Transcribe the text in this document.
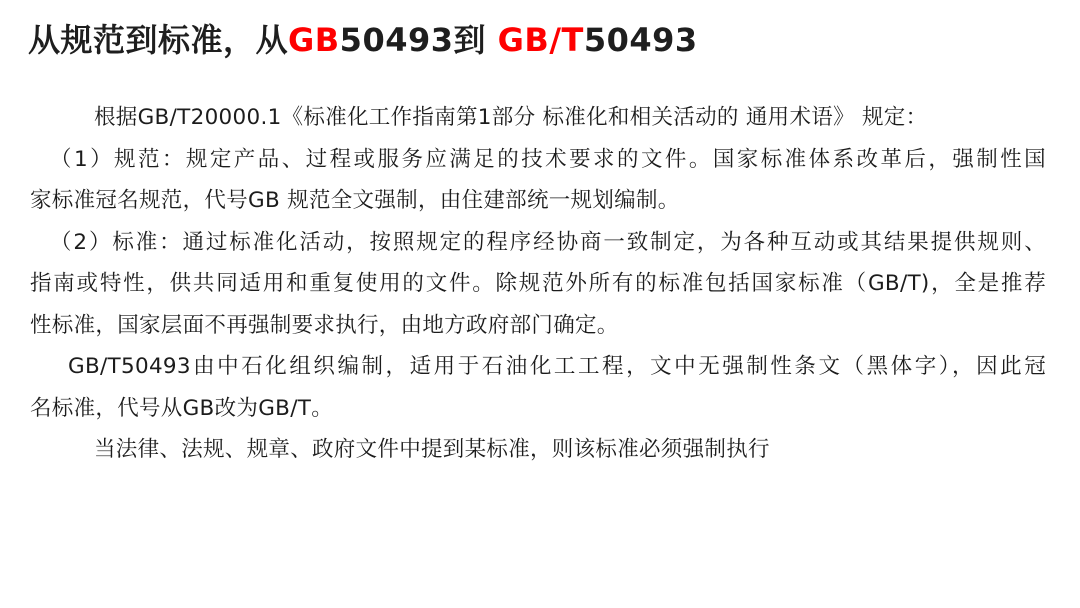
从规范到标准，从GB50493到 GB/T50493
根据GB/T20000.1《标准化工作指南第1部分 标准化和相关活动的 通用术语》 规定：
（1）规范：规定产品、过程或服务应满足的技术要求的文件。国家标准体系改革后，强制性国
家标准冠名规范，代号GB 规范全文强制，由住建部统一规划编制。
（2）标准：通过标准化活动，按照规定的程序经协商一致制定，为各种互动或其结果提供规则、
指南或特性，供共同适用和重复使用的文件。除规范外所有的标准包括国家标准（GB/T)，全是推荐
性标准，国家层面不再强制要求执行，由地方政府部门确定。
GB/T50493由中石化组织编制，适用于石油化工工程，文中无强制性条文（黑体字），因此冠
名标准，代号从GB改为GB/T。
当法律、法规、规章、政府文件中提到某标准，则该标准必须强制执行
